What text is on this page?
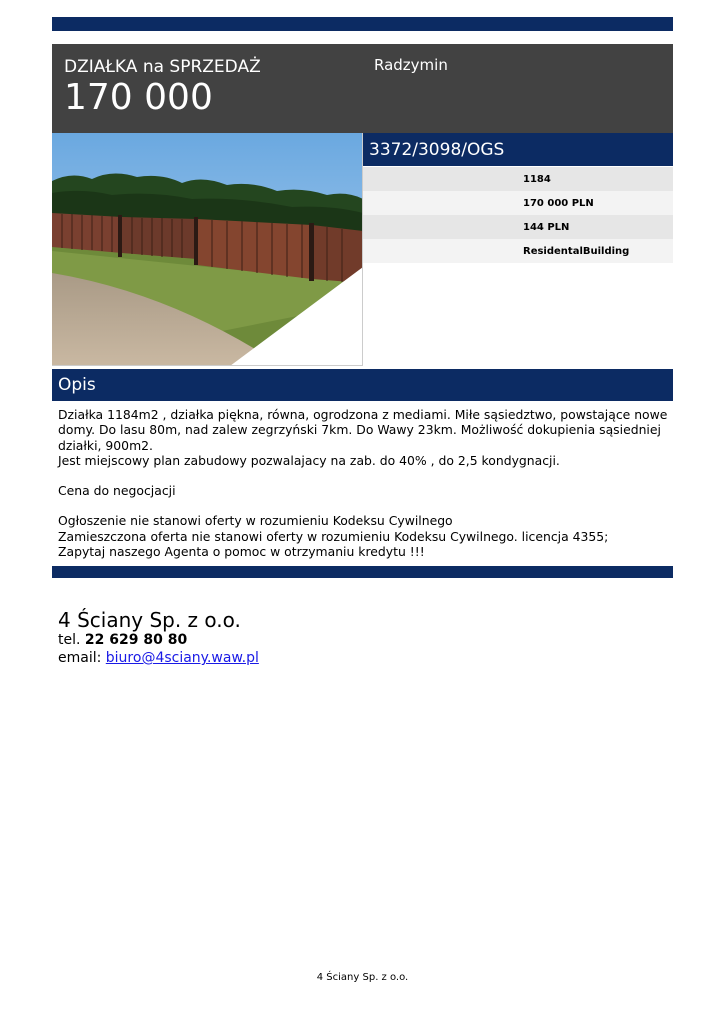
DZIAŁKA na SPRZEDAŻ
170 000
Radzymin
3372/3098/OGS
1184
170 000 PLN
144 PLN
ResidentalBuilding
Opis

Działka 1184m2 , działka piękna, równa, ogrodzona z mediami. Miłe sąsiedztwo, powstające nowe domy. Do lasu 80m, nad zalew zegrzyński 7km. Do Wawy 23km. Możliwość dokupienia sąsiedniej działki, 900m2.

Jest miejscowy plan zabudowy pozwalajacy na zab. do 40% , do 2,5 kondygnacji.

Cena do negocjacji

Ogłoszenie nie stanowi oferty w rozumieniu Kodeksu Cywilnego

Zamieszczona oferta nie stanowi oferty w rozumieniu Kodeksu Cywilnego. licencja 4355;

Zapytaj naszego Agenta o pomoc w otrzymaniu kredytu !!!

4 Ściany Sp. z o.o.
tel. 22 629 80 80
email: biuro@4sciany.waw.pl
4 Ściany Sp. z o.o.
